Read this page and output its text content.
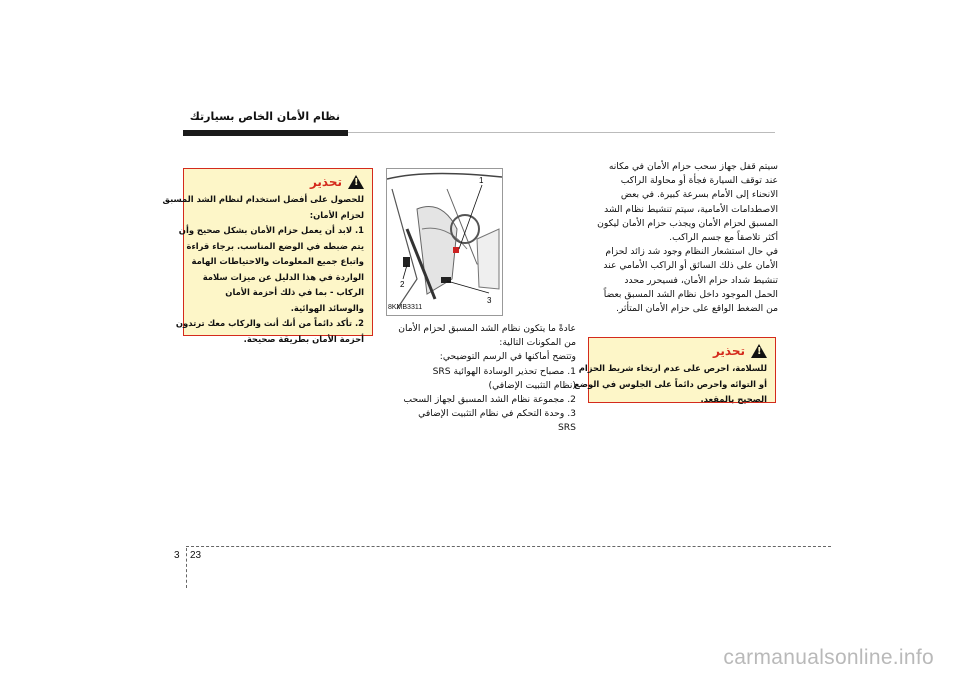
نظام الأمان الخاص بسيارتك
!
تحذير
للحصول على أفضل استخدام لنظام الشد المسبق
لحزام الأمان:
1. لابد أن يعمل حزام الأمان بشكل صحيح وأن
يتم ضبطه في الوضع المناسب. برجاء قراءة
واتباع جميع المعلومات والاحتياطات الهامة
الواردة في هذا الدليل عن ميزات سلامة
الركاب - بما في ذلك أحزمة الأمان
والوسائد الهوائية.
2. تأكد دائماً من أنك أنت والركاب معك ترتدون
أحزمة الأمان بطريقة صحيحة.
1
2
3
8KMB3311
عادةً ما يتكون نظام الشد المسبق لحزام الأمان
من المكونات التالية:
وتتضح أماكنها في الرسم التوضيحي:
1. مصباح تحذير الوسادة الهوائية SRS
(نظام التثبيت الإضافي)
2. مجموعة نظام الشد المسبق لجهاز السحب
3. وحدة التحكم في نظام التثبيت الإضافي
SRS
سيتم قفل جهاز سحب حزام الأمان في مكانه
عند توقف السيارة فجأة أو محاولة الراكب
الانحناء إلى الأمام بسرعة كبيرة. في بعض
الاصطدامات الأمامية، سيتم تنشيط نظام الشد
المسبق لحزام الأمان ويجذب حزام الأمان ليكون
أكثر تلاصقاً مع جسم الراكب.
في حال استشعار النظام وجود شد زائد لحزام
الأمان على ذلك السائق أو الراكب الأمامي عند
تنشيط شداد حزام الأمان، فسيحرر محدد
الحمل الموجود داخل نظام الشد المسبق بعضاً
من الضغط الواقع على حزام الأمان المتأثر.
!
تحذير
للسلامة، احرص على عدم ارتخاء شريط الحزام
أو التوائه واحرص دائماً على الجلوس في الوضع
الصحيح بالمقعد.
3 23
carmanualsonline.info
